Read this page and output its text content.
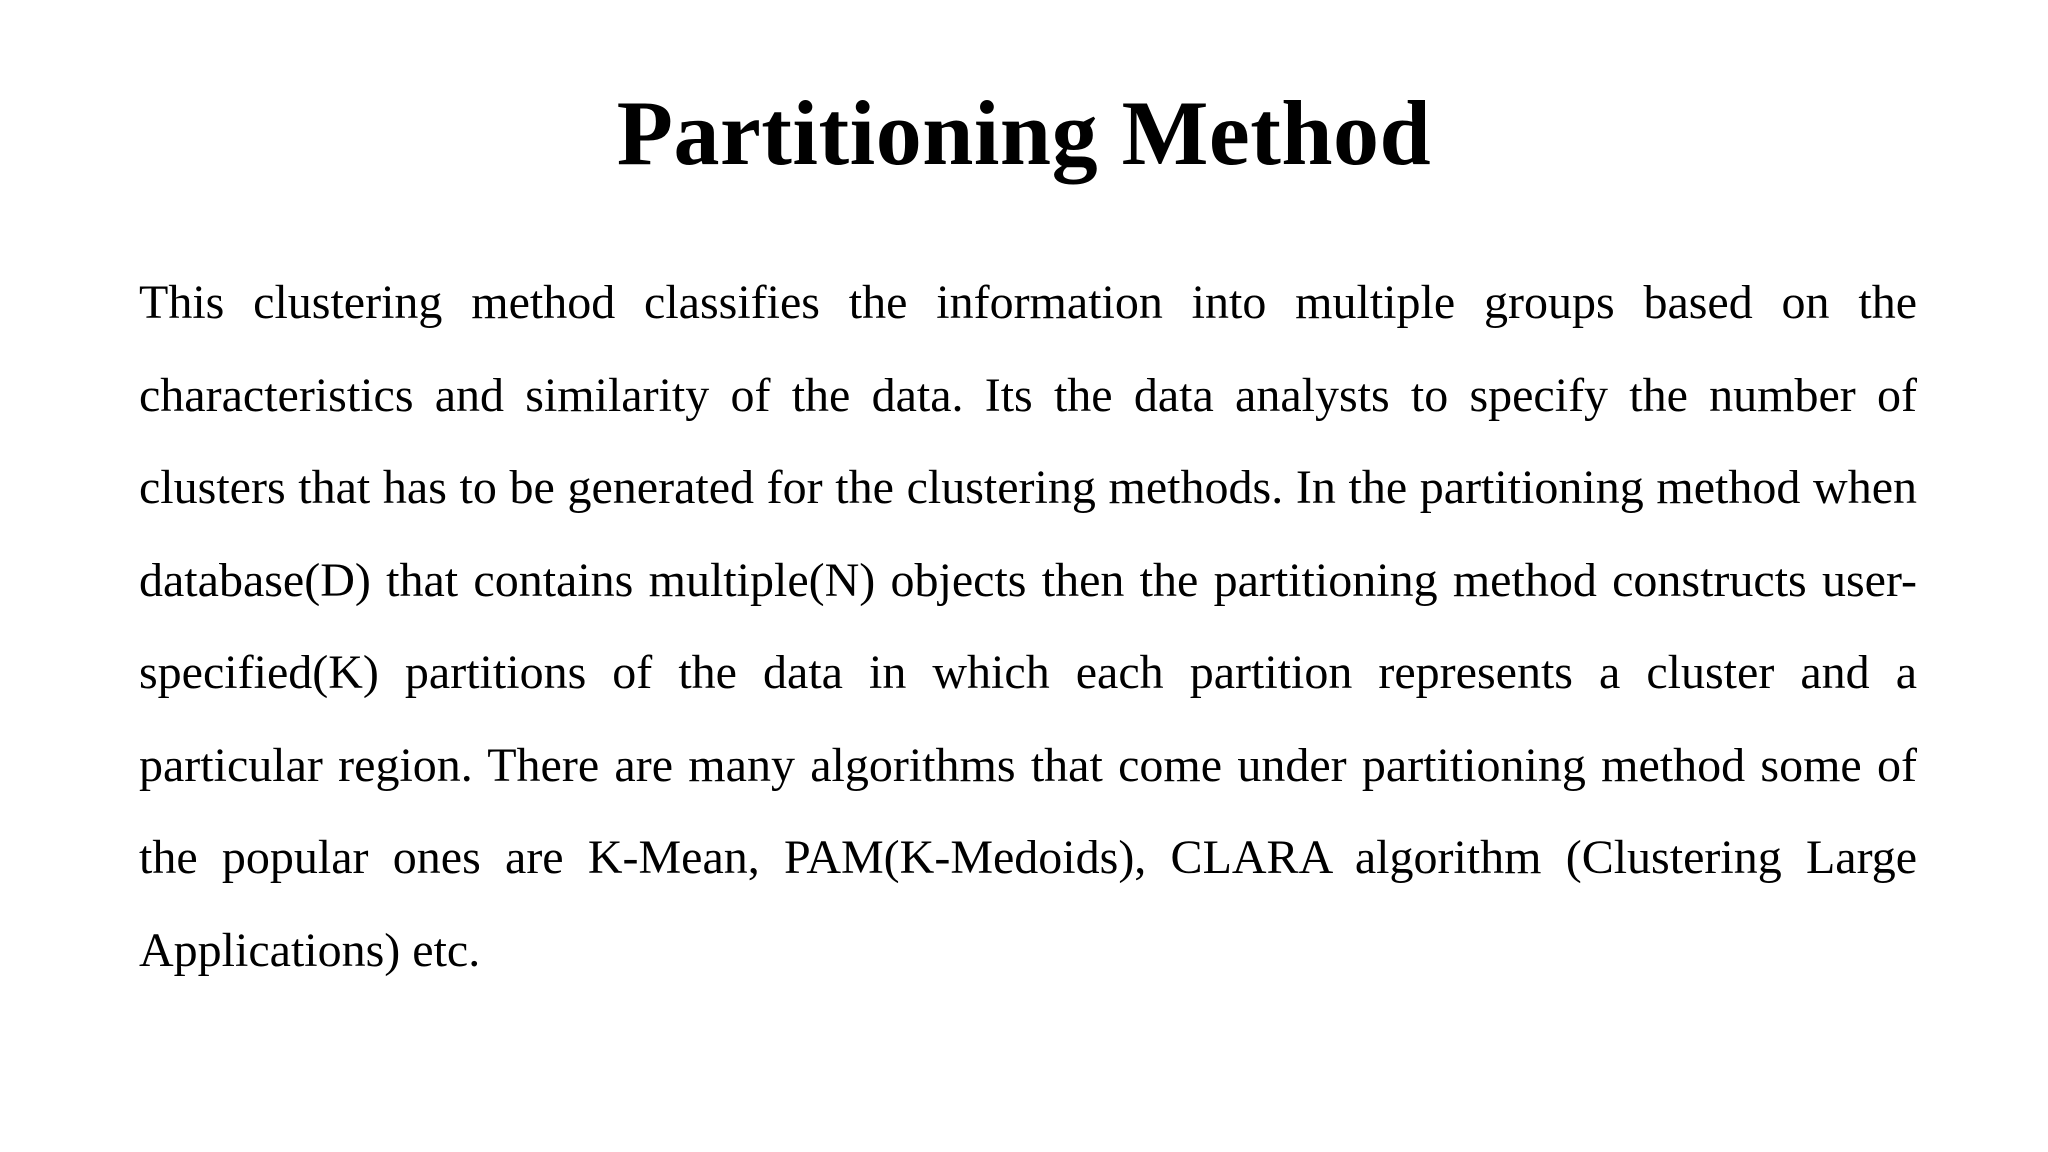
Partitioning Method

This clustering method classifies the information into multiple groups based on the characteristics and similarity of the data. Its the data analysts to specify the number of clusters that has to be generated for the clustering methods. In the partitioning method when database(D) that contains multiple(N) objects then the partitioning method constructs user-specified(K) partitions of the data in which each partition represents a cluster and a particular region. There are many algorithms that come under partitioning method some of the popular ones are K-Mean, PAM(K-Medoids), CLARA algorithm (Clustering Large Applications) etc.
